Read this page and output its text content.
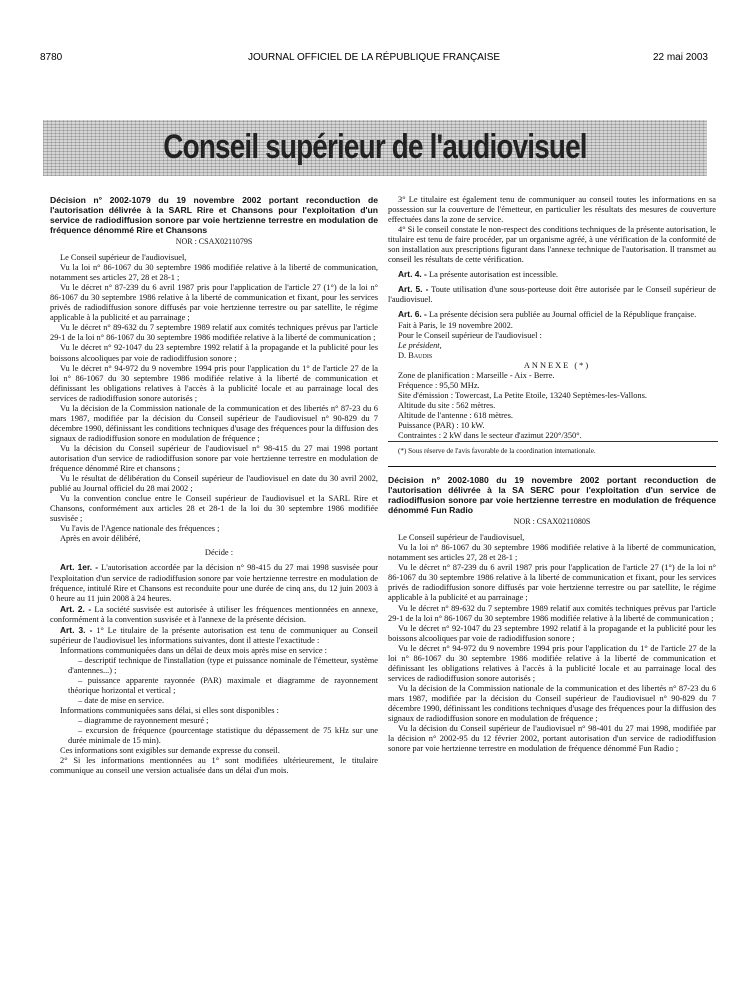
8780	JOURNAL OFFICIEL DE LA RÉPUBLIQUE FRANÇAISE	22 mai 2003
Conseil supérieur de l'audiovisuel
Décision n° 2002-1079 du 19 novembre 2002 portant reconduction de l'autorisation délivrée à la SARL Rire et Chansons pour l'exploitation d'un service de radiodiffusion sonore par voie hertzienne terrestre en modulation de fréquence dénommé Rire et Chansons
NOR : CSAX0211079S

Le Conseil supérieur de l'audiovisuel,

Vu la loi n° 86-1067 du 30 septembre 1986 modifiée relative à la liberté de communication, notamment ses articles 27, 28 et 28-1 ;

Vu le décret n° 87-239 du 6 avril 1987 pris pour l'application de l'article 27 (1°) de la loi n° 86-1067 du 30 septembre 1986 relative à la liberté de communication et fixant, pour les services privés de radiodiffusion sonore diffusés par voie hertzienne terrestre ou par satellite, le régime applicable à la publicité et au parrainage ;

Vu le décret n° 89-632 du 7 septembre 1989 relatif aux comités techniques prévus par l'article 29-1 de la loi n° 86-1067 du 30 septembre 1986 modifiée relative à la liberté de communication ;

Vu le décret n° 92-1047 du 23 septembre 1992 relatif à la propagande et la publicité pour les boissons alcooliques par voie de radiodiffusion sonore ;

Vu le décret n° 94-972 du 9 novembre 1994 pris pour l'application du 1° de l'article 27 de la loi n° 86-1067 du 30 septembre 1986 modifiée relative à la liberté de communication et définissant les obligations relatives à l'accès à la publicité locale et au parrainage local des services de radiodiffusion sonore autorisés ;

Vu la décision de la Commission nationale de la communication et des libertés n° 87-23 du 6 mars 1987, modifiée par la décision du Conseil supérieur de l'audiovisuel n° 90-829 du 7 décembre 1990, définissant les conditions techniques d'usage des fréquences pour la diffusion des signaux de radiodiffusion sonore en modulation de fréquence ;

Vu la décision du Conseil supérieur de l'audiovisuel n° 98-415 du 27 mai 1998 portant autorisation d'un service de radiodiffusion sonore par voie hertzienne terrestre en modulation de fréquence dénommé Rire et chansons ;

Vu le résultat de délibération du Conseil supérieur de l'audiovisuel en date du 30 avril 2002, publié au Journal officiel du 28 mai 2002 ;

Vu la convention conclue entre le Conseil supérieur de l'audiovisuel et la SARL Rire et Chansons, conformément aux articles 28 et 28-1 de la loi du 30 septembre 1986 modifiée susvisée ;

Vu l'avis de l'Agence nationale des fréquences ;

Après en avoir délibéré,

Décide :

Art. 1er. - L'autorisation accordée par la décision n° 98-415 du 27 mai 1998 susvisée pour l'exploitation d'un service de radiodiffusion sonore par voie hertzienne terrestre en modulation de fréquence, intitulé Rire et Chansons est reconduite pour une durée de cinq ans, du 12 juin 2003 à 0 heure au 11 juin 2008 à 24 heures.

Art. 2. - La société susvisée est autorisée à utiliser les fréquences mentionnées en annexe, conformément à la convention susvisée et à l'annexe de la présente décision.

Art. 3. - 1° Le titulaire de la présente autorisation est tenu de communiquer au Conseil supérieur de l'audiovisuel les informations suivantes, dont il atteste l'exactitude :

Informations communiquées dans un délai de deux mois après mise en service :

– descriptif technique de l'installation (type et puissance nominale de l'émetteur, système d'antennes...) ;

– puissance apparente rayonnée (PAR) maximale et diagramme de rayonnement théorique horizontal et vertical ;

– date de mise en service.

Informations communiquées sans délai, si elles sont disponibles :

– diagramme de rayonnement mesuré ;

– excursion de fréquence (pourcentage statistique du dépassement de 75 kHz sur une durée minimale de 15 min).

Ces informations sont exigibles sur demande expresse du conseil.

2° Si les informations mentionnées au 1° sont modifiées ultérieurement, le titulaire communique au conseil une version actualisée dans un délai d'un mois.

3° Le titulaire est également tenu de communiquer au conseil toutes les informations en sa possession sur la couverture de l'émetteur, en particulier les résultats des mesures de couverture effectuées dans la zone de service.

4° Si le conseil constate le non-respect des conditions techniques de la présente autorisation, le titulaire est tenu de faire procéder, par un organisme agréé, à une vérification de la conformité de son installation aux prescriptions figurant dans l'annexe technique de l'autorisation. Il transmet au conseil les résultats de cette vérification.

Art. 4. - La présente autorisation est incessible.

Art. 5. - Toute utilisation d'une sous-porteuse doit être autorisée par le Conseil supérieur de l'audiovisuel.

Art. 6. - La présente décision sera publiée au Journal officiel de la République française.

Fait à Paris, le 19 novembre 2002.

Pour le Conseil supérieur de l'audiovisuel :

Le président,

D. Baudis

ANNEXE (*)

Zone de planification : Marseille - Aix - Berre.

Fréquence : 95,50 MHz.

Site d'émission : Towercast, La Petite Etoile, 13240 Septèmes-les-Vallons.

Altitude du site : 562 mètres.

Altitude de l'antenne : 618 mètres.

Puissance (PAR) : 10 kW.

Contraintes : 2 kW dans le secteur d'azimut 220°/350°.

(*) Sous réserve de l'avis favorable de la coordination internationale.

Décision n° 2002-1080 du 19 novembre 2002 portant reconduction de l'autorisation délivrée à la SA SERC pour l'exploitation d'un service de radiodiffusion sonore par voie hertzienne terrestre en modulation de fréquence dénommé Fun Radio
NOR : CSAX0211080S

Le Conseil supérieur de l'audiovisuel,

Vu la loi n° 86-1067 du 30 septembre 1986 modifiée relative à la liberté de communication, notamment ses articles 27, 28 et 28-1 ;

Vu le décret n° 87-239 du 6 avril 1987 pris pour l'application de l'article 27 (1°) de la loi n° 86-1067 du 30 septembre 1986 relative à la liberté de communication et fixant, pour les services privés de radiodiffusion sonore diffusés par voie hertzienne terrestre ou par satellite, le régime applicable à la publicité et au parrainage ;

Vu le décret n° 89-632 du 7 septembre 1989 relatif aux comités techniques prévus par l'article 29-1 de la loi n° 86-1067 du 30 septembre 1986 modifiée relative à la liberté de communication ;

Vu le décret n° 92-1047 du 23 septembre 1992 relatif à la propagande et la publicité pour les boissons alcooliques par voie de radiodiffusion sonore ;

Vu le décret n° 94-972 du 9 novembre 1994 pris pour l'application du 1° de l'article 27 de la loi n° 86-1067 du 30 septembre 1986 modifiée relative à la liberté de communication et définissant les obligations relatives à l'accès à la publicité locale et au parrainage local des services de radiodiffusion sonore autorisés ;

Vu la décision de la Commission nationale de la communication et des libertés n° 87-23 du 6 mars 1987, modifiée par la décision du Conseil supérieur de l'audiovisuel n° 90-829 du 7 décembre 1990, définissant les conditions techniques d'usage des fréquences pour la diffusion des signaux de radiodiffusion sonore en modulation de fréquence ;

Vu la décision du Conseil supérieur de l'audiovisuel n° 98-401 du 27 mai 1998, modifiée par la décision n° 2002-95 du 12 février 2002, portant autorisation d'un service de radiodiffusion sonore par voie hertzienne terrestre en modulation de fréquence dénommé Fun Radio ;
